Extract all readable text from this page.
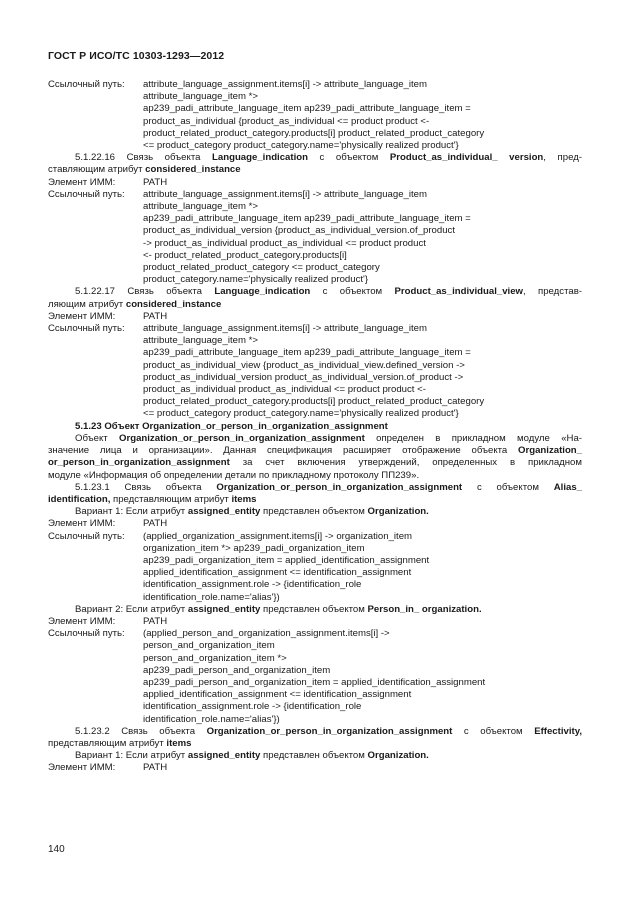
ГОСТ Р ИСО/ТС 10303-1293—2012
Ссылочный путь:	attribute_language_assignment.items[i] -> attribute_language_item
attribute_language_item *>
ap239_padi_attribute_language_item ap239_padi_attribute_language_item =
product_as_individual {product_as_individual <= product product <-
product_related_product_category.products[i] product_related_product_category
<= product_category product_category.name='physically realized product'}
5.1.22.16 Связь объекта Language_indication с объектом Product_as_individual_ version, пред-
ставляющим атрибут considered_instance
Элемент ИММ:	PATH
Ссылочный путь:	attribute_language_assignment.items[i] -> attribute_language_item
attribute_language_item *>
ap239_padi_attribute_language_item ap239_padi_attribute_language_item =
product_as_individual_version {product_as_individual_version.of_product
-> product_as_individual product_as_individual <= product product
<- product_related_product_category.products[i]
product_related_product_category <= product_category
product_category.name='physically realized product'}
5.1.22.17 Связь объекта Language_indication с объектом Product_as_individual_view, представ-
ляющим атрибут considered_instance
Элемент ИММ:	PATH
Ссылочный путь:	attribute_language_assignment.items[i] -> attribute_language_item
attribute_language_item *>
ap239_padi_attribute_language_item ap239_padi_attribute_language_item =
product_as_individual_view {product_as_individual_view.defined_version ->
product_as_individual_version product_as_individual_version.of_product ->
product_as_individual product_as_individual <= product product <-
product_related_product_category.products[i] product_related_product_category
<= product_category product_category.name='physically realized product'}
5.1.23 Объект Organization_or_person_in_organization_assignment
Объект Organization_or_person_in_organization_assignment определен в прикладном модуле «На-
значение лица и организации». Данная спецификация расширяет отображение объекта Organization_
or_person_in_organization_assignment за счет включения утверждений, определенных в прикладном
модуле «Информация об определении детали по прикладному протоколу ПП239».
5.1.23.1 Связь объекта Organization_or_person_in_organization_assignment с объектом Alias_
identification, представляющим атрибут items
Вариант 1: Если атрибут assigned_entity представлен объектом Organization.
Элемент ИММ:	PATH
Ссылочный путь:	(applied_organization_assignment.items[i] -> organization_item
organization_item *> ap239_padi_organization_item
ap239_padi_organization_item = applied_identification_assignment
applied_identification_assignment <= identification_assignment
identification_assignment.role -> {identification_role
identification_role.name='alias'})
Вариант 2: Если атрибут assigned_entity представлен объектом Person_in_ organization.
Элемент ИММ:	PATH
Ссылочный путь:	(applied_person_and_organization_assignment.items[i] ->
person_and_organization_item
person_and_organization_item *>
ap239_padi_person_and_organization_item
ap239_padi_person_and_organization_item = applied_identification_assignment
applied_identification_assignment <= identification_assignment
identification_assignment.role -> {identification_role
identification_role.name='alias'})
5.1.23.2 Связь объекта Organization_or_person_in_organization_assignment с объектом Effectivity,
представляющим атрибут items
Вариант 1: Если атрибут assigned_entity представлен объектом Organization.
Элемент ИММ:	PATH
140
